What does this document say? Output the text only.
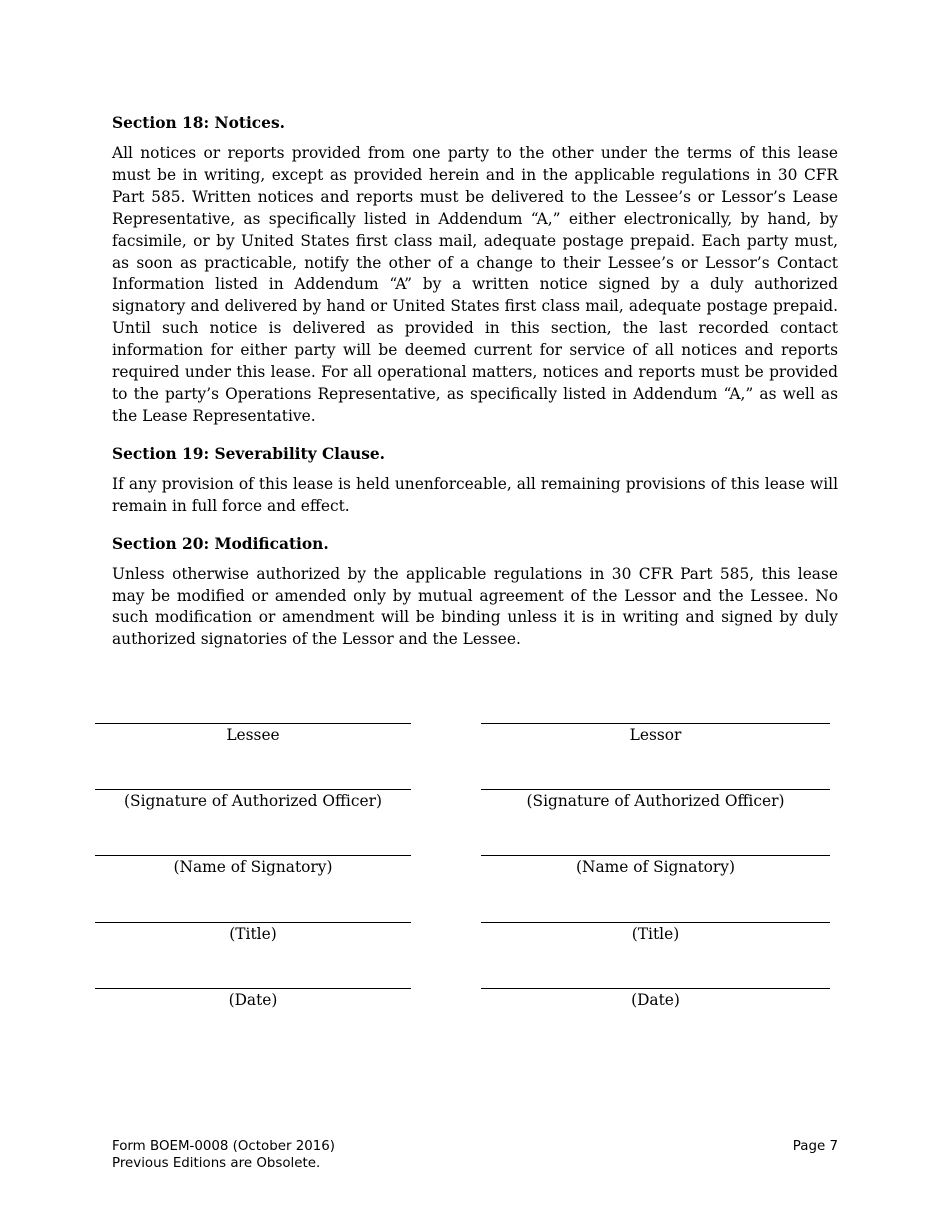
Section 18: Notices.

All notices or reports provided from one party to the other under the terms of this lease must be in writing, except as provided herein and in the applicable regulations in 30 CFR Part 585. Written notices and reports must be delivered to the Lessee’s or Lessor’s Lease Representative, as specifically listed in Addendum “A,” either electronically, by hand, by facsimile, or by United States first class mail, adequate postage prepaid. Each party must, as soon as practicable, notify the other of a change to their Lessee’s or Lessor’s Contact Information listed in Addendum “A” by a written notice signed by a duly authorized signatory and delivered by hand or United States first class mail, adequate postage prepaid. Until such notice is delivered as provided in this section, the last recorded contact information for either party will be deemed current for service of all notices and reports required under this lease. For all operational matters, notices and reports must be provided to the party’s Operations Representative, as specifically listed in Addendum “A,” as well as the Lease Representative.

Section 19: Severability Clause.

If any provision of this lease is held unenforceable, all remaining provisions of this lease will remain in full force and effect.

Section 20: Modification.

Unless otherwise authorized by the applicable regulations in 30 CFR Part 585, this lease may be modified or amended only by mutual agreement of the Lessor and the Lessee. No such modification or amendment will be binding unless it is in writing and signed by duly authorized signatories of the Lessor and the Lessee.

Lessee
(Signature of Authorized Officer)
(Name of Signatory)
(Title)
(Date)
Lessor
(Signature of Authorized Officer)
(Name of Signatory)
(Title)
(Date)
Form BOEM-0008 (October 2016)
Previous Editions are Obsolete.
Page 7
